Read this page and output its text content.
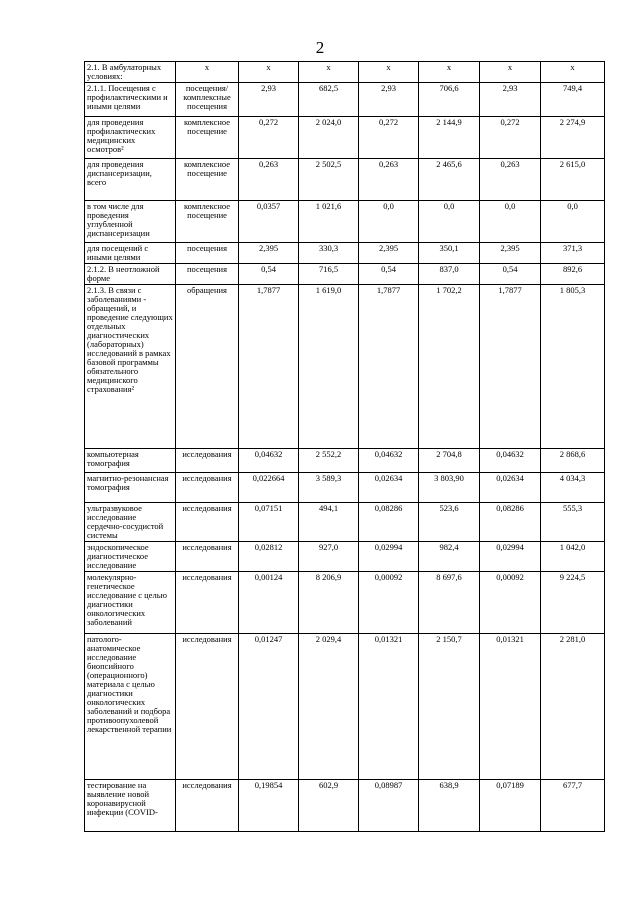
2
2.1. В амбулаторных условиях:	x	x	x	x	x	x	x
2.1.1. Посещения с профилактическими и иными целями	посещения/комплексные посещения	2,93	682,5	2,93	706,6	2,93	749,4
для проведения профилактических медицинских осмотров²	комплексное посещение	0,272	2 024,0	0,272	2 144,9	0,272	2 274,9
для проведения диспансеризации, всего	комплексное посещение	0,263	2 502,5	0,263	2 465,6	0,263	2 615,0
в том числе для проведения углубленной диспансеризации	комплексное посещение	0,0357	1 021,6	0,0	0,0	0,0	0,0
для посещений с иными целями	посещения	2,395	330,3	2,395	350,1	2,395	371,3
2.1.2. В неотложной форме	посещения	0,54	716,5	0,54	837,0	0,54	892,6
2.1.3. В связи с заболеваниями - обращений, и проведение следующих отдельных диагностических (лабораторных) исследований в рамках базовой программы обязательного медицинского страхования²	обращения	1,7877	1 619,0	1,7877	1 702,2	1,7877	1 805,3
компьютерная томография	исследования	0,04632	2 552,2	0,04632	2 704,8	0,04632	2 868,6
магнитно-резонансная томография	исследования	0,022664	3 589,3	0,02634	3 803,90	0,02634	4 034,3
ультразвуковое исследование сердечно-сосудистой системы	исследования	0,07151	494,1	0,08286	523,6	0,08286	555,3
эндоскопическое диагностическое исследование	исследования	0,02812	927,0	0,02994	982,4	0,02994	1 042,0
молекулярно-генетическое исследование с целью диагностики онкологических заболеваний	исследования	0,00124	8 206,9	0,00092	8 697,6	0,00092	9 224,5
патолого-анатомическое исследование биопсийного (операционного) материала с целью диагностики онкологических заболеваний и подбора противоопухолевой лекарственной терапии	исследования	0,01247	2 029,4	0,01321	2 150,7	0,01321	2 281,0
тестирование на выявление новой коронавирусной инфекции (COVID-	исследования	0,19854	602,9	0,08987	638,9	0,07189	677,7
